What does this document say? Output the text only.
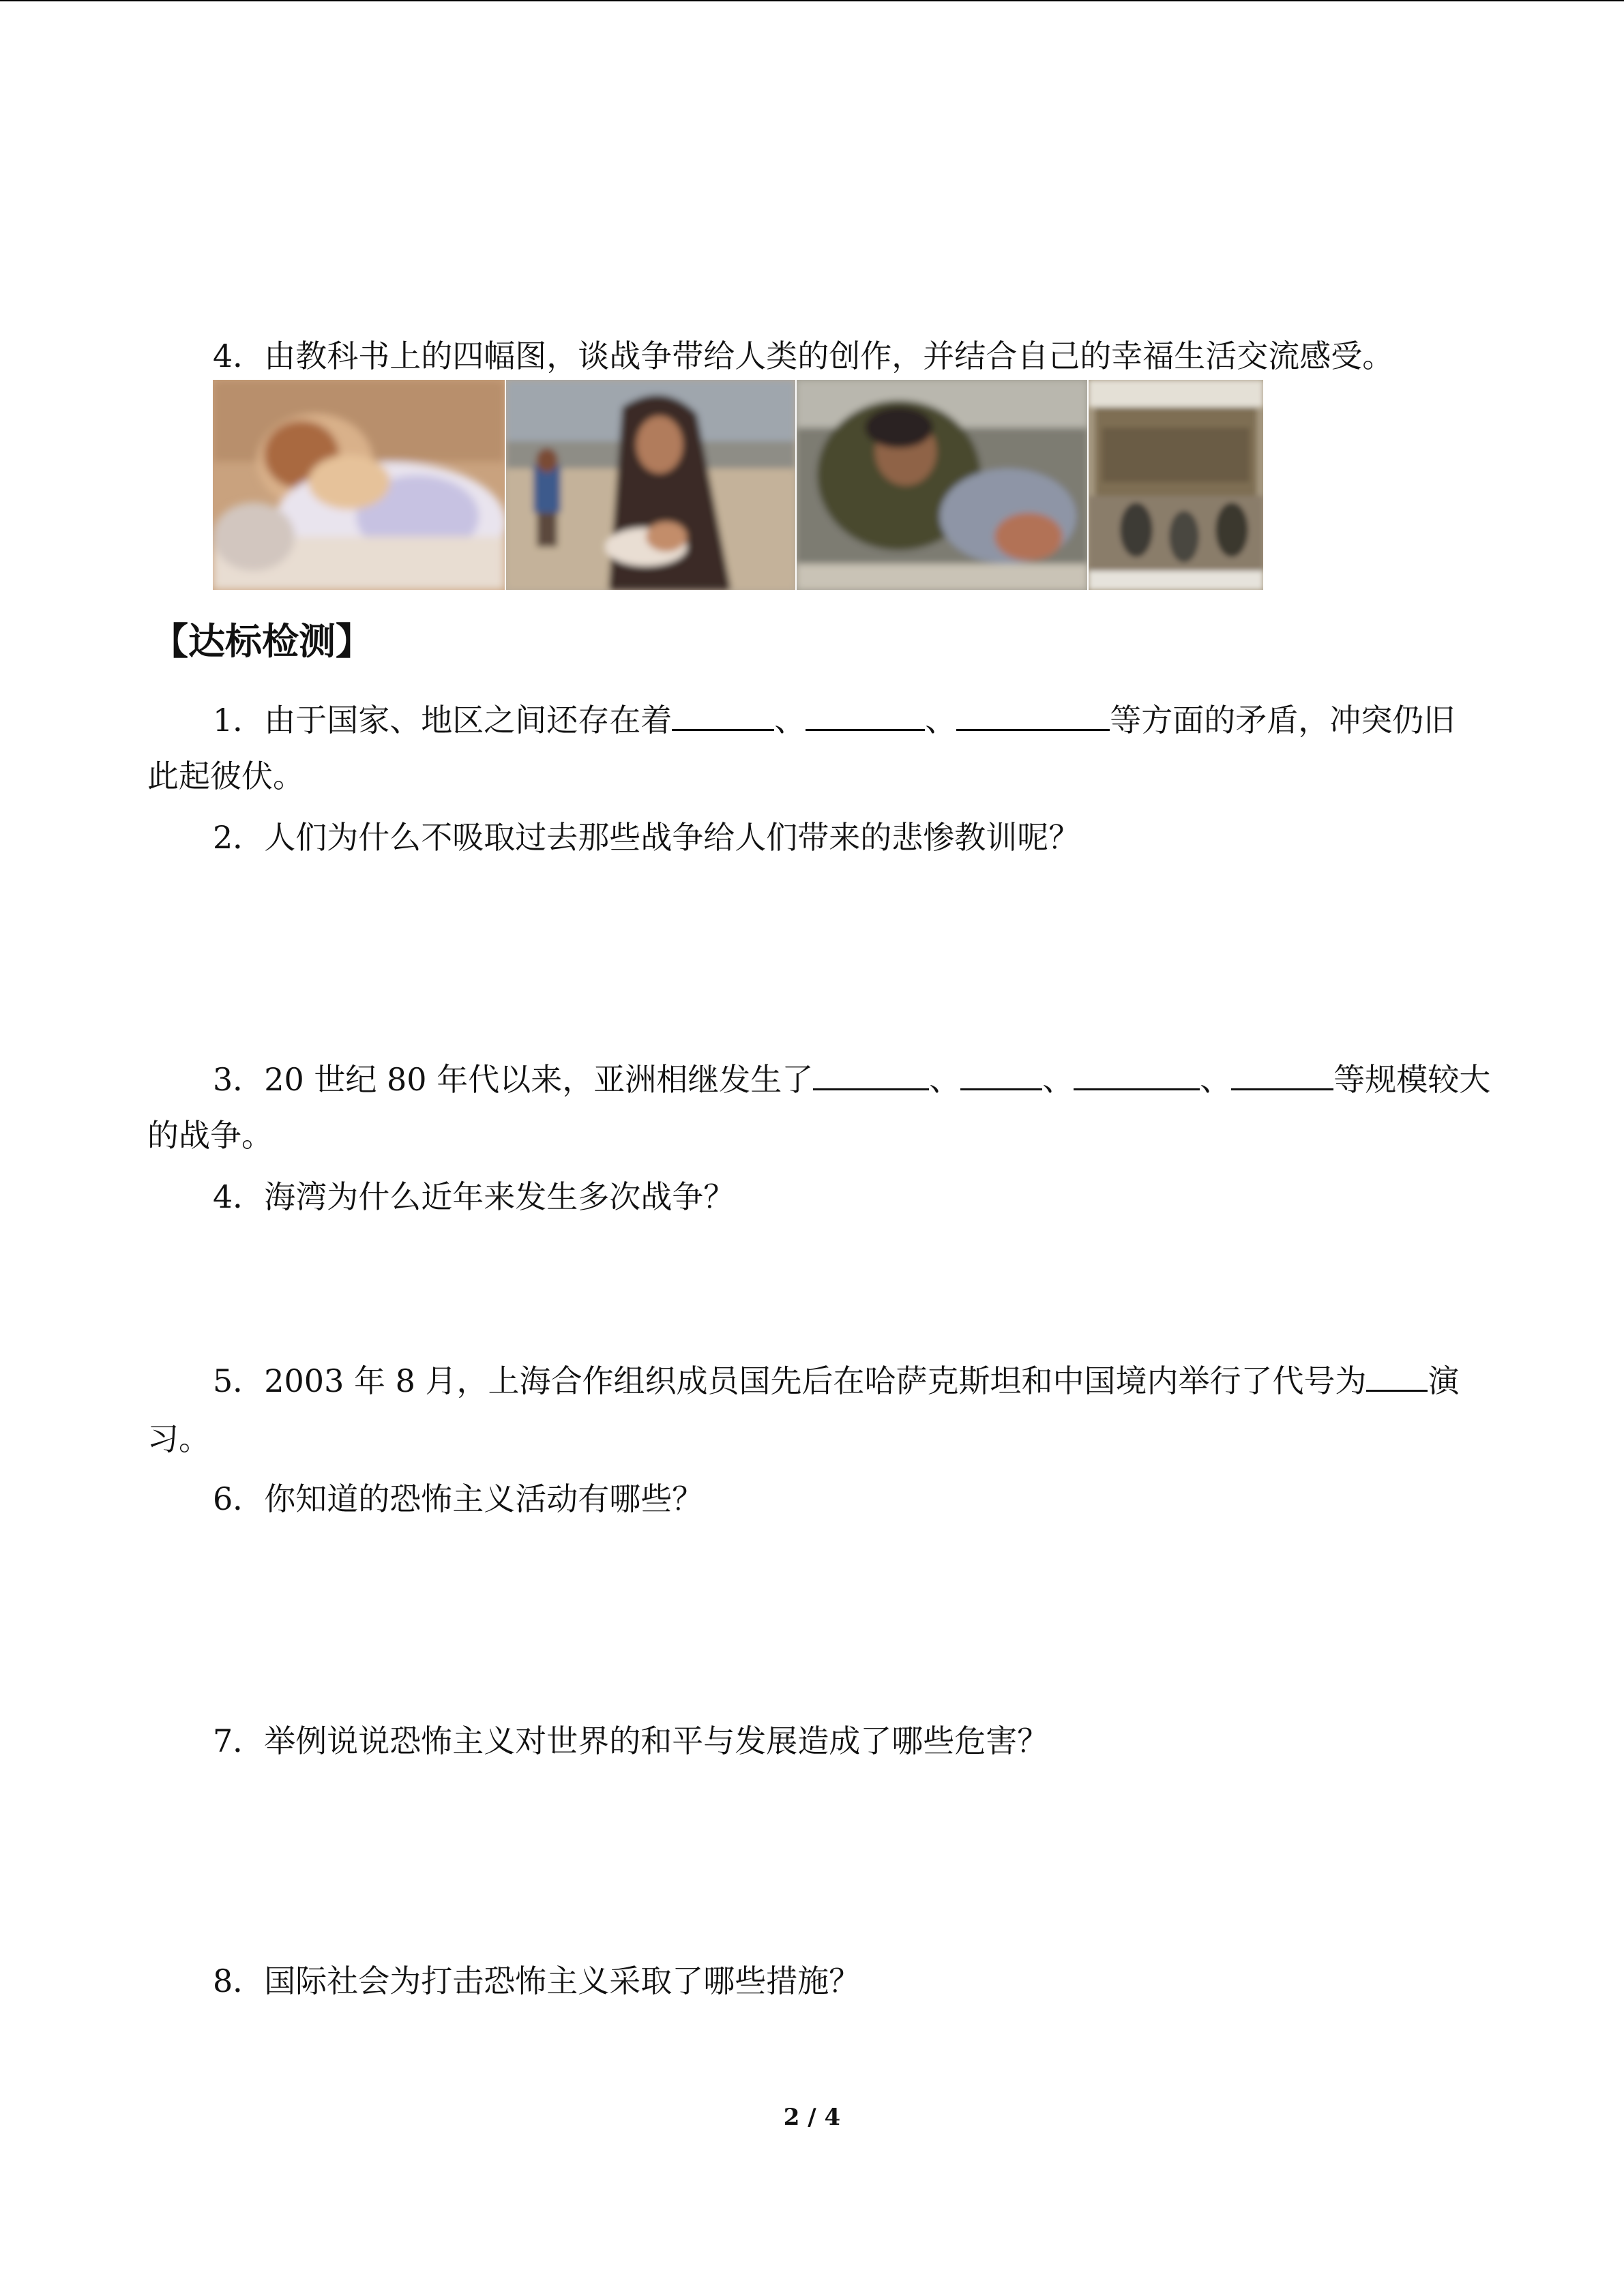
4．由教科书上的四幅图，谈战争带给人类的创作，并结合自己的幸福生活交流感受。
【达标检测】
1．由于国家、地区之间还存在着	、	、	等方面的矛盾，冲突仍旧
此起彼伏。
2．人们为什么不吸取过去那些战争给人们带来的悲惨教训呢？
3．20 世纪 80 年代以来，亚洲相继发生了	、	、	、	等规模较大
的战争。
4．海湾为什么近年来发生多次战争？
5．2003 年 8 月，上海合作组织成员国先后在哈萨克斯坦和中国境内举行了代号为 演
习。
6．你知道的恐怖主义活动有哪些？
7．举例说说恐怖主义对世界的和平与发展造成了哪些危害？
8．国际社会为打击恐怖主义采取了哪些措施？
2 / 4
